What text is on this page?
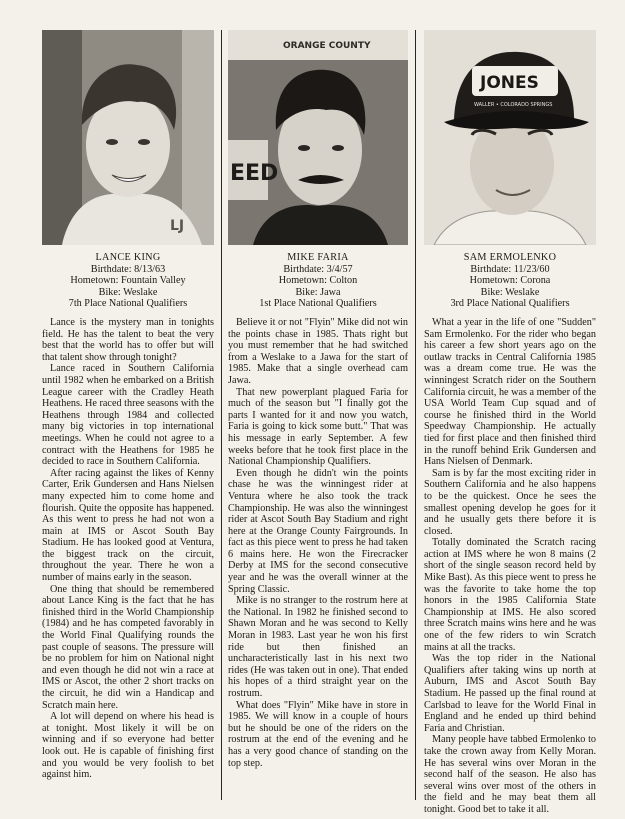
LJ
LANCE KING
Birthdate: 8/13/63
Hometown: Fountain Valley
Bike: Weslake
7th Place National Qualifiers

Lance is the mystery man in tonights field. He has the talent to beat the very best that the world has to offer but will that talent show through tonight?

Lance raced in Southern California until 1982 when he embarked on a British League career with the Cradley Heath Heathens. He raced three seasons with the Heathens through 1984 and collected many big victories in top international meetings. When he could not agree to a contract with the Heathens for 1985 he decided to race in Southern California.

After racing against the likes of Kenny Carter, Erik Gundersen and Hans Nielsen many expected him to come home and flourish. Quite the opposite has happened. As this went to press he had not won a main at IMS or Ascot South Bay Stadium. He has looked good at Ventura, the biggest track on the circuit, throughout the year. There he won a number of mains early in the season.

One thing that should be remembered about Lance King is the fact that he has finished third in the World Championship (1984) and he has competed favorably in the World Final Qualifying rounds the past couple of seasons. The pressure will be no problem for him on National night and even though he did not win a race at IMS or Ascot, the other 2 short tracks on the circuit, he did win a Handicap and Scratch main here.

A lot will depend on where his head is at tonight. Most likely it will be on winning and if so everyone had better look out. He is capable of finishing first and you would be very foolish to bet against him.

ORANGE COUNTY
EED
MIKE FARIA
Birthdate: 3/4/57
Hometown: Colton
Bike: Jawa
1st Place National Qualifiers

Believe it or not "Flyin" Mike did not win the points chase in 1985. Thats right but you must remember that he had switched from a Weslake to a Jawa for the start of 1985. Make that a single overhead cam Jawa.

That new powerplant plagued Faria for much of the season but "I finally got the parts I wanted for it and now you watch, Faria is going to kick some butt." That was his message in early September. A few weeks before that he took first place in the National Championship Qualifiers.

Even though he didn't win the points chase he was the winningest rider at Ventura where he also took the track Championship. He was also the winningest rider at Ascot South Bay Stadium and right here at the Orange County Fairgrounds. In fact as this piece went to press he had taken 6 mains here. He won the Firecracker Derby at IMS for the second consecutive year and he was the overall winner at the Spring Classic.

Mike is no stranger to the rostrum here at the National. In 1982 he finished second to Shawn Moran and he was second to Kelly Moran in 1983. Last year he won his first ride but then finished an uncharacteristically last in his next two rides (He was taken out in one). That ended his hopes of a third straight year on the rostrum.

What does "Flyin" Mike have in store in 1985. We will know in a couple of hours but he should be one of the riders on the rostrum at the end of the evening and he has a very good chance of standing on the top step.

JONES
WALLER • COLORADO SPRINGS
SAM ERMOLENKO
Birthdate: 11/23/60
Hometown: Corona
Bike: Weslake
3rd Place National Qualifiers

What a year in the life of one "Sudden" Sam Ermolenko. For the rider who began his career a few short years ago on the outlaw tracks in Central California 1985 was a dream come true. He was the winningest Scratch rider on the Southern California circuit, he was a member of the USA World Team Cup squad and of course he finished third in the World Speedway Championship. He actually tied for first place and then finished third in the runoff behind Erik Gundersen and Hans Nielsen of Denmark.

Sam is by far the most exciting rider in Southern California and he also happens to be the quickest. Once he sees the smallest opening develop he goes for it and he usually gets there before it is closed.

Totally dominated the Scratch racing action at IMS where he won 8 mains (2 short of the single season record held by Mike Bast). As this piece went to press he was the favorite to take home the top honors in the 1985 California State Championship at IMS. He also scored three Scratch mains wins here and he was one of the few riders to win Scratch mains at all the tracks.

Was the top rider in the National Qualifiers after taking wins up north at Auburn, IMS and Ascot South Bay Stadium. He passed up the final round at Carlsbad to leave for the World Final in England and he ended up third behind Faria and Christian.

Many people have tabbed Ermolenko to take the crown away from Kelly Moran. He has several wins over Moran in the second half of the season. He also has several wins over most of the others in the field and he may beat them all tonight. Good bet to take it all.
